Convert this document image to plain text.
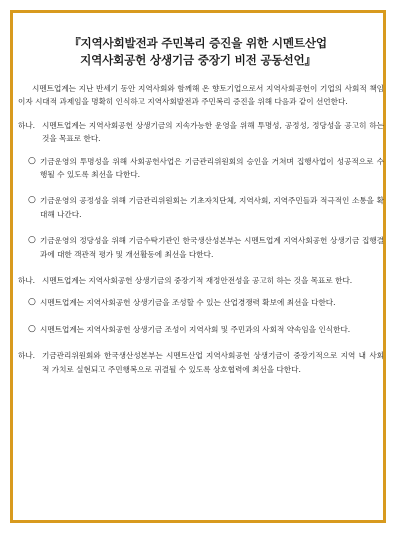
『지역사회발전과 주민복리 증진을 위한 시멘트산업
지역사회공헌 상생기금 중장기 비전 공동선언』

시멘트업계는 지난 반세기 동안 지역사회와 함께해 온 향토기업으로서 지역사회공헌이 기업의 사회적 책임이자 시대적 과제임을 명확히 인식하고 지역사회발전과 주민복리 증진을 위해 다음과 같이 선언한다.

하나. 시멘트업계는 지역사회공헌 상생기금의 지속가능한 운영을 위해 투명성, 공정성, 정당성을 공고히 하는 것을 목표로 한다.
○ 기금운영의 투명성을 위해 사회공헌사업은 기금관리위원회의 승인을 거쳐며 집행사업이 성공적으로 수행될 수 있도록 최선을 다한다.
○ 기금운영의 공정성을 위해 기금관리위원회는 기초자치단체, 지역사회, 지역주민들과 적극적인 소통을 확대해 나간다.
○ 기금운영의 정당성을 위해 기금수탁기관인 한국생산성본부는 시멘트업계 지역사회공헌 상생기금 집행결과에 대한 객관적 평가 및 개선활동에 최선을 다한다.
하나. 시멘트업계는 지역사회공헌 상생기금의 중장기적 재정안전성을 공고히 하는 것을 목표로 한다.
○ 시멘트업계는 지역사회공헌 상생기금을 조성할 수 있는 산업경쟁력 확보에 최선을 다한다.
○ 시멘트업계는 지역사회공헌 상생기금 조성이 지역사회 및 주민과의 사회적 약속임을 인식한다.
하나. 기금관리위원회와 한국생산성본부는 시멘트산업 지역사회공헌 상생기금이 중장기적으로 지역 내 사회적 가치로 실현되고 주민행복으로 귀결될 수 있도록 상호협력에 최선을 다한다.
